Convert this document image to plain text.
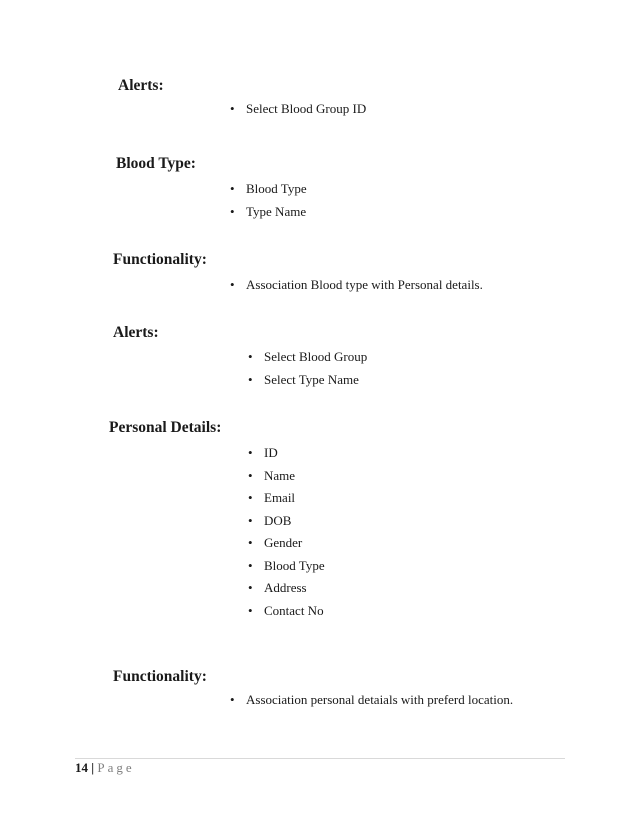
Alerts:
• Select Blood Group ID
Blood Type:
• Blood Type
• Type Name
Functionality:
• Association Blood type with Personal details.
Alerts:
• Select Blood Group
• Select Type Name
Personal Details:
• ID
• Name
• Email
• DOB
• Gender
• Blood Type
• Address
• Contact No
Functionality:
• Association personal detaials with preferd location.
14 | Page
